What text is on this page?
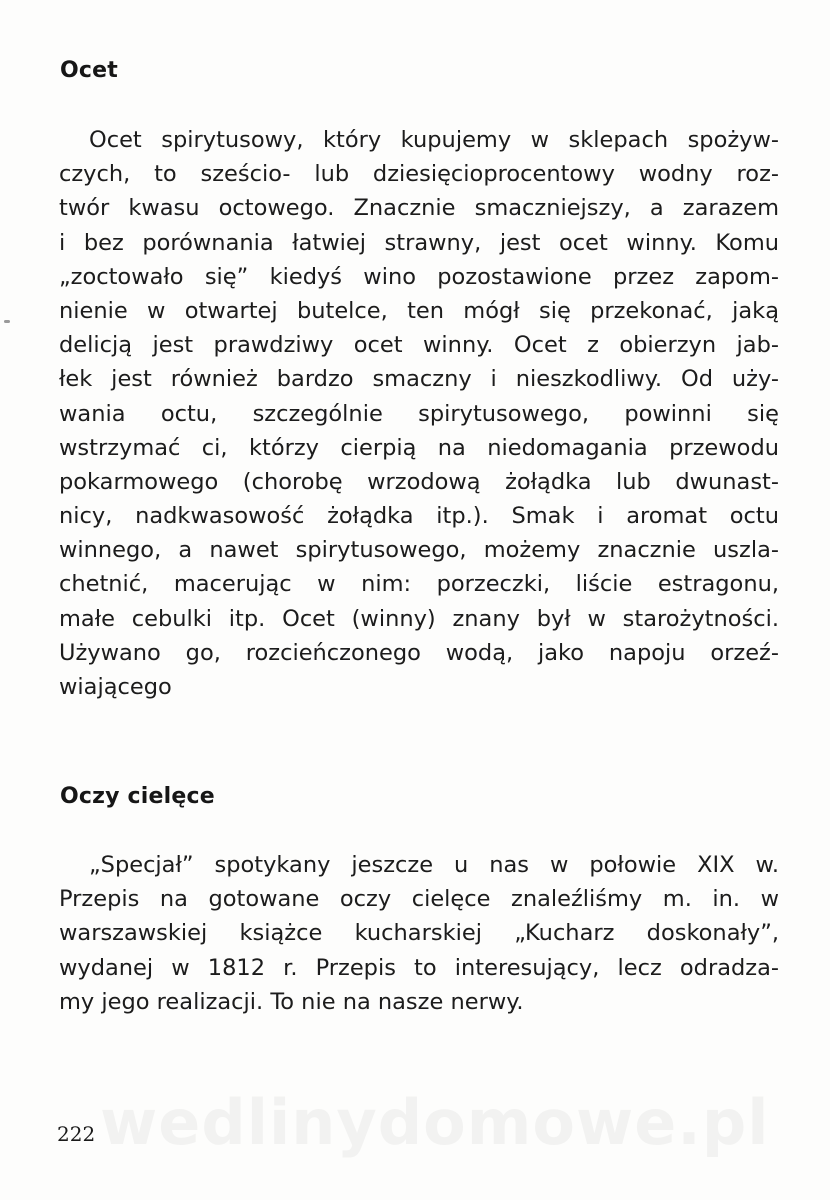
Ocet
Ocet spirytusowy, który kupujemy w sklepach spożyw-
czych, to sześcio- lub dziesięcioprocentowy wodny roz-
twór kwasu octowego. Znacznie smaczniejszy, a zarazem
i bez porównania łatwiej strawny, jest ocet winny. Komu
„zoctowało się” kiedyś wino pozostawione przez zapom-
nienie w otwartej butelce, ten mógł się przekonać, jaką
delicją jest prawdziwy ocet winny. Ocet z obierzyn jab-
łek jest również bardzo smaczny i nieszkodliwy. Od uży-
wania octu, szczególnie spirytusowego, powinni się
wstrzymać ci, którzy cierpią na niedomagania przewodu
pokarmowego (chorobę wrzodową żołądka lub dwunast-
nicy, nadkwasowość żołądka itp.). Smak i aromat octu
winnego, a nawet spirytusowego, możemy znacznie uszla-
chetnić, macerując w nim: porzeczki, liście estragonu,
małe cebulki itp. Ocet (winny) znany był w starożytności.
Używano go, rozcieńczonego wodą, jako napoju orzeź-
wiającego
Oczy cielęce
„Specjał” spotykany jeszcze u nas w połowie XIX w.
Przepis na gotowane oczy cielęce znaleźliśmy m. in. w
warszawskiej książce kucharskiej „Kucharz doskonały”,
wydanej w 1812 r. Przepis to interesujący, lecz odradza-
my jego realizacji. To nie na nasze nerwy.
wedlinydomowe.pl
222
